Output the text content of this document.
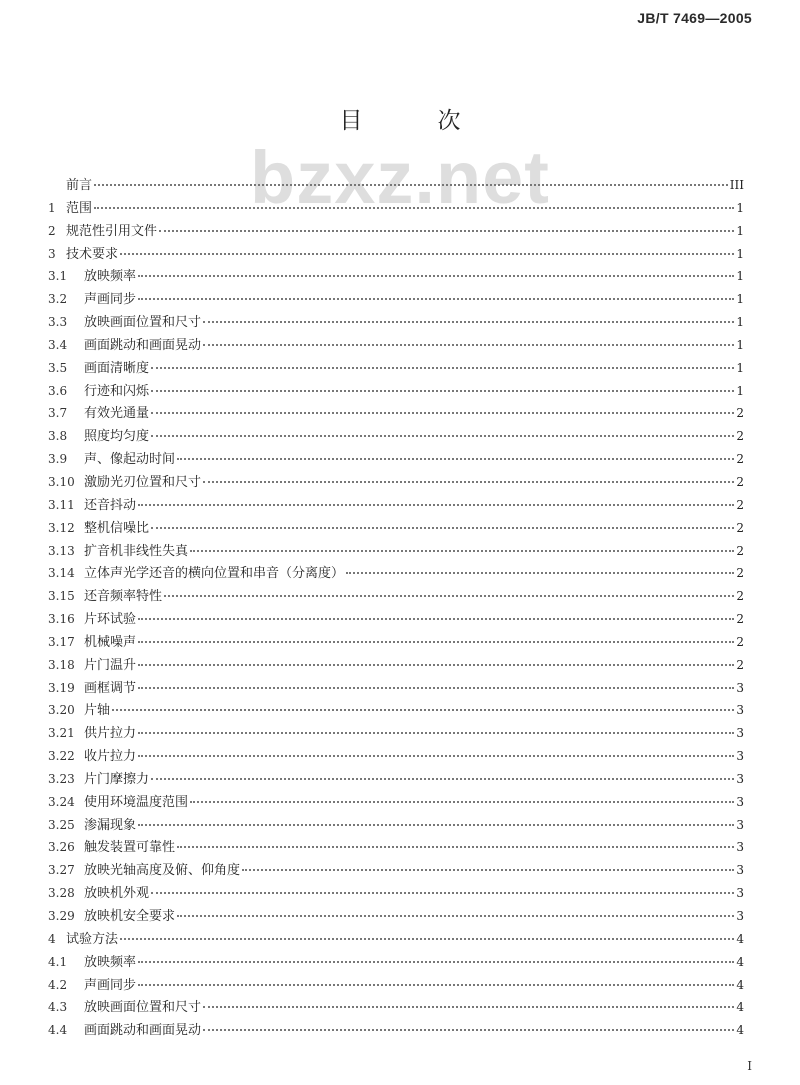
JB/T 7469—2005
bzxz.net
目　次
前言	III
1 范围	1
2 规范性引用文件	1
3 技术要求	1
3.1	放映频率	1
3.2	声画同步	1
3.3	放映画面位置和尺寸	1
3.4	画面跳动和画面晃动	1
3.5	画面清晰度	1
3.6	行迹和闪烁	1
3.7	有效光通量	2
3.8	照度均匀度	2
3.9	声、像起动时间	2
3.10 激励光刃位置和尺寸	2
3.11 还音抖动	2
3.12 整机信噪比	2
3.13 扩音机非线性失真	2
3.14 立体声光学还音的横向位置和串音（分离度）	2
3.15 还音频率特性	2
3.16 片环试验	2
3.17 机械噪声	2
3.18 片门温升	2
3.19 画框调节	3
3.20 片轴	3
3.21 供片拉力	3
3.22 收片拉力	3
3.23 片门摩擦力	3
3.24 使用环境温度范围	3
3.25 渗漏现象	3
3.26 触发装置可靠性	3
3.27 放映光轴高度及俯、仰角度	3
3.28 放映机外观	3
3.29 放映机安全要求	3
4 试验方法	4
4.1	放映频率	4
4.2	声画同步	4
4.3	放映画面位置和尺寸	4
4.4	画面跳动和画面晃动	4
I
